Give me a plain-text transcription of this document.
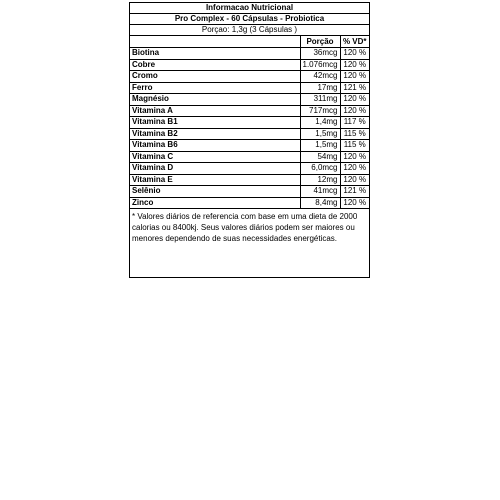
Informacao Nutricional
Pro Complex - 60 Cápsulas - Probiotica
Porçao: 1,3g (3 Cápsulas )
	Porção	% VD*
Biotina	36mcg	120 %
Cobre	1.076mcg	120 %
Cromo	42mcg	120 %
Ferro	17mg	121 %
Magnésio	311mg	120 %
Vitamina A	717mcg	120 %
Vitamina B1	1,4mg	117 %
Vitamina B2	1,5mg	115 %
Vitamina B6	1,5mg	115 %
Vitamina C	54mg	120 %
Vitamina D	6,0mcg	120 %
Vitamina E	12mg	120 %
Selênio	41mcg	121 %
Zinco	8,4mg	120 %
* Valores diários de referencia com base em uma dieta de 2000 calorias ou 8400kj. Seus valores diários podem ser maiores ou menores dependendo de suas necessidades energéticas.
